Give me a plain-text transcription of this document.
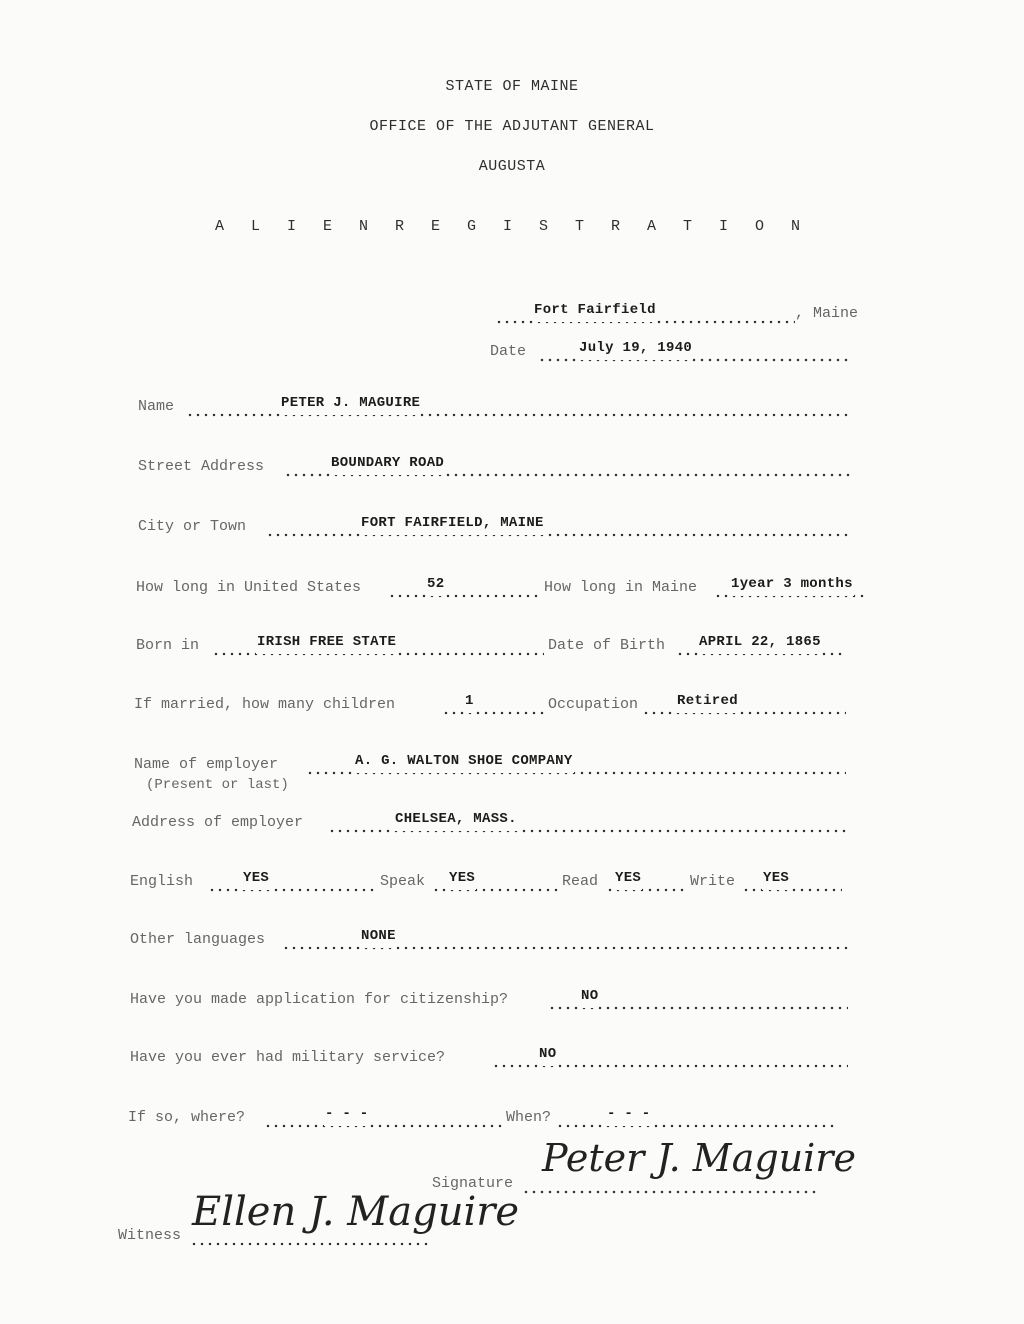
STATE OF MAINE
OFFICE OF THE ADJUTANT GENERAL
AUGUSTA
A L I E N R E G I S T R A T I O N
Fort Fairfield	, Maine
Date	July 19, 1940
Name	PETER J. MAGUIRE
Street Address	BOUNDARY ROAD
City or Town	FORT FAIRFIELD, MAINE
How long in United States	52	How long in Maine 1year 3 months
Born in	IRISH FREE STATE	Date of Birth APRIL 22, 1865
If married, how many children	1	Occupation	Retired
Name of employer	A. G. WALTON SHOE COMPANY
(Present or last)
Address of employer	CHELSEA, MASS.
English	YES	Speak YES	Read YES	Write YES
Other languages	NONE
Have you made application for citizenship?	NO
Have you ever had military service?	NO
If so, where?	- - -	When?	- - -
Signature
Peter J. Maguire
Witness
Ellen J. Maguire
